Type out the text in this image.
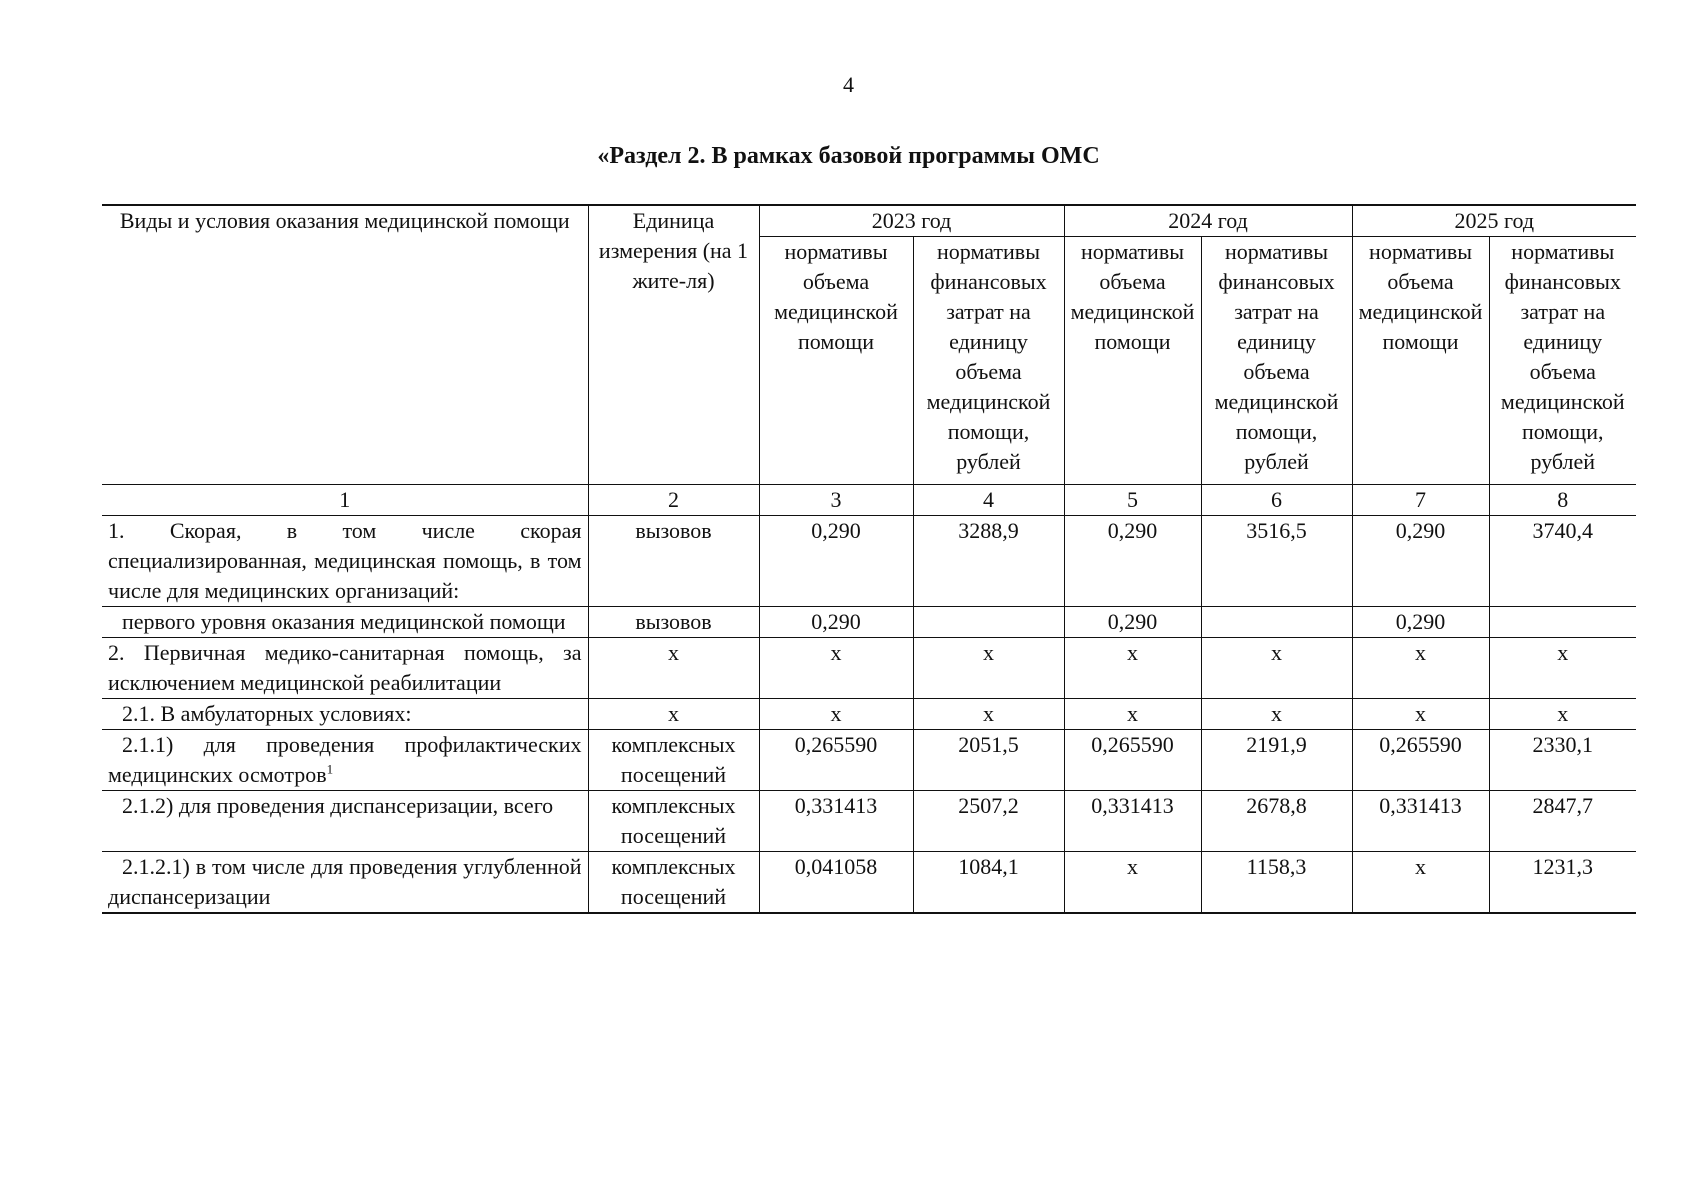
4
«Раздел 2. В рамках базовой программы ОМС
Виды и условия оказания медицинской помощи	Единица измерения (на 1 жите-ля)	2023 год		2024 год		2025 год	
		нормативы объема медицинской помощи	нормативы финансовых затрат на единицу объема медицинской помощи, рублей	нормативы объема медицинской помощи	нормативы финансовых затрат на единицу объема медицинской помощи, рублей	нормативы объема медицинской помощи	нормативы финансовых затрат на единицу объема медицинской помощи, рублей
1	2	3	4	5	6	7	8
1. Скорая, в том числе скорая специализированная, медицинская помощь, в том числе для медицинских организаций:	вызовов	0,290	3288,9	0,290	3516,5	0,290	3740,4
первого уровня оказания медицинской помощи	вызовов	0,290		0,290		0,290	
2. Первичная медико-санитарная помощь, за исключением медицинской реабилитации	х	х	х	х	х	х	х
2.1. В амбулаторных условиях:	х	х	х	х	х	х	х
2.1.1) для проведения профилактических медицинских осмотров$^1$	комплексных посещений	0,265590	2051,5	0,265590	2191,9	0,265590	2330,1
2.1.2) для проведения диспансеризации, всего	комплексных посещений	0,331413	2507,2	0,331413	2678,8	0,331413	2847,7
2.1.2.1) в том числе для проведения углубленной диспансеризации	комплексных посещений	0,041058	1084,1	х	1158,3	х	1231,3
